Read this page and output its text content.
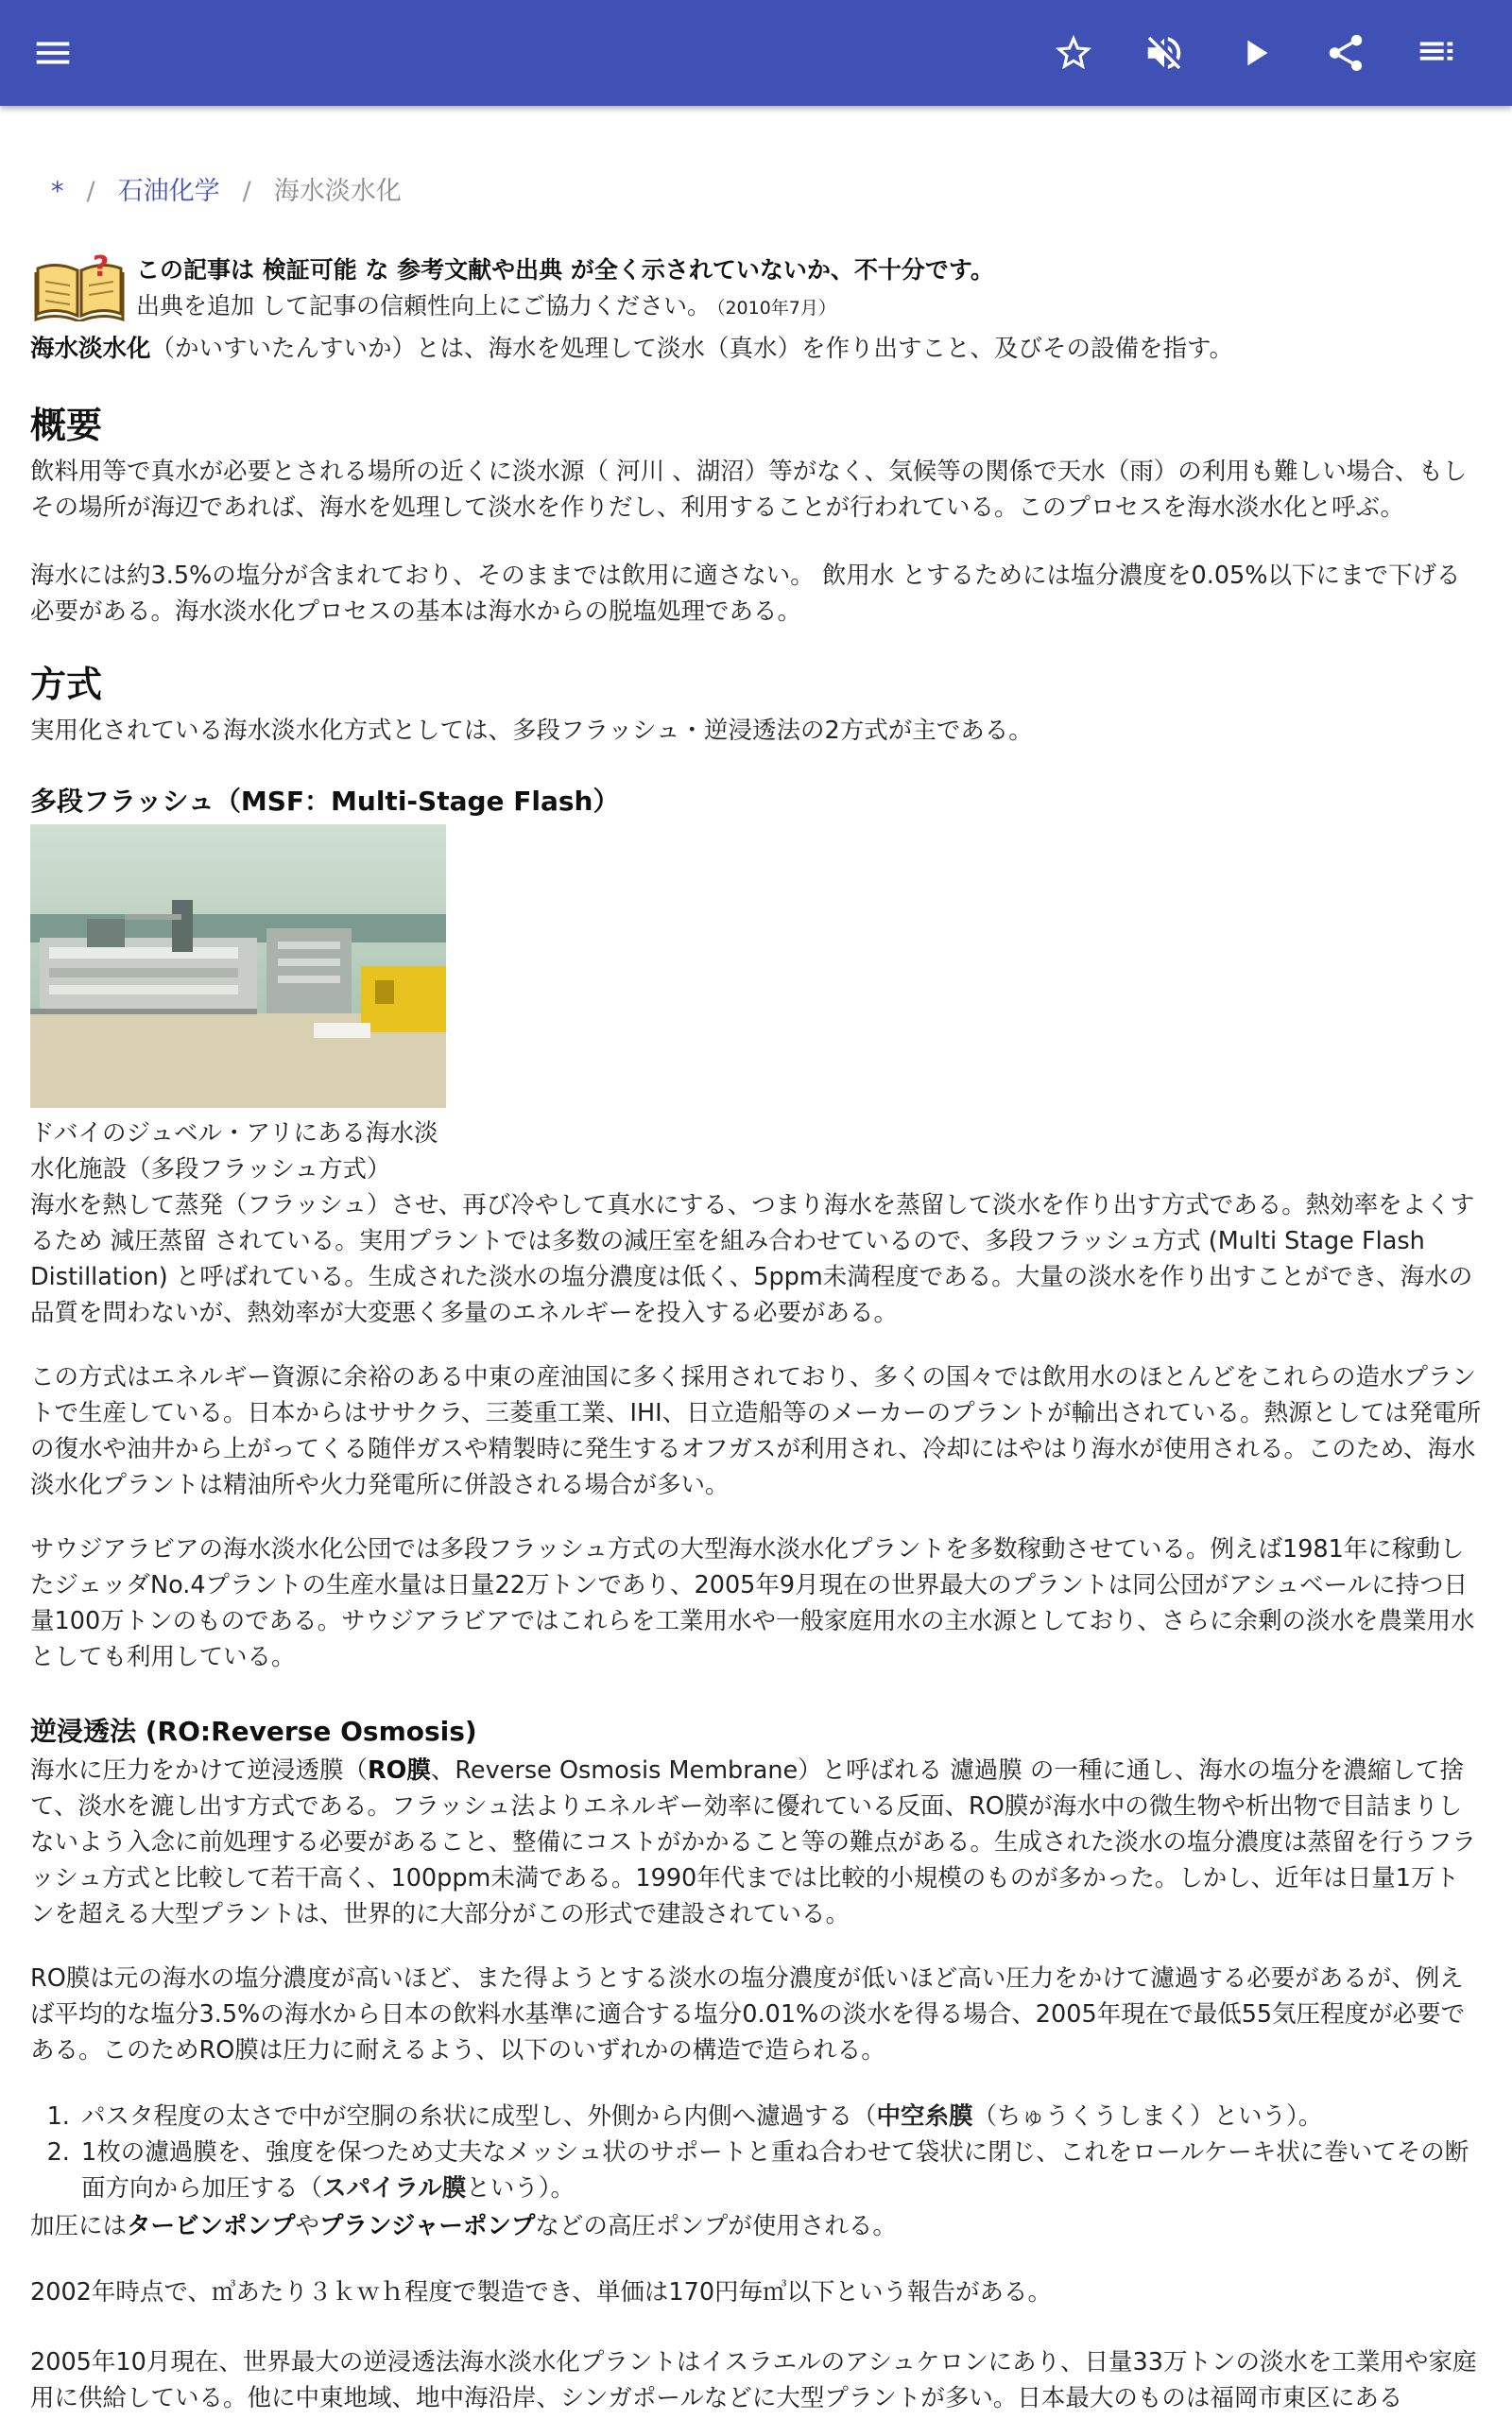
* / 石油化学 / 海水淡水化
? この記事は 検証可能 な 参考文献や出典 が全く示されていないか、不十分です。
出典を追加 して記事の信頼性向上にご協力ください。 （2010年7月）
海水淡水化（かいすいたんすいか）とは、海水を処理して淡水（真水）を作り出すこと、及びその設備を指す。
概要
飲料用等で真水が必要とされる場所の近くに淡水源（ 河川 、湖沼）等がなく、気候等の関係で天水（雨）の利用も難しい場合、もしその場所が海辺であれば、海水を処理して淡水を作りだし、利用することが行われている。このプロセスを海水淡水化と呼ぶ。
海水には約3.5%の塩分が含まれており、そのままでは飲用に適さない。 飲用水 とするためには塩分濃度を0.05%以下にまで下げる必要がある。海水淡水化プロセスの基本は海水からの脱塩処理である。
方式
実用化されている海水淡水化方式としては、多段フラッシュ・逆浸透法の2方式が主である。
多段フラッシュ（MSF：Multi-Stage Flash）
ドバイのジュベル・アリにある海水淡水化施設（多段フラッシュ方式）
海水を熱して蒸発（フラッシュ）させ、再び冷やして真水にする、つまり海水を蒸留して淡水を作り出す方式である。熱効率をよくするため 減圧蒸留 されている。実用プラントでは多数の減圧室を組み合わせているので、多段フラッシュ方式 (Multi Stage Flash Distillation) と呼ばれている。生成された淡水の塩分濃度は低く、5ppm未満程度である。大量の淡水を作り出すことができ、海水の品質を問わないが、熱効率が大変悪く多量のエネルギーを投入する必要がある。
この方式はエネルギー資源に余裕のある中東の産油国に多く採用されており、多くの国々では飲用水のほとんどをこれらの造水プラントで生産している。日本からはササクラ、三菱重工業、IHI、日立造船等のメーカーのプラントが輸出されている。熱源としては発電所の復水や油井から上がってくる随伴ガスや精製時に発生するオフガスが利用され、冷却にはやはり海水が使用される。このため、海水淡水化プラントは精油所や火力発電所に併設される場合が多い。
サウジアラビアの海水淡水化公団では多段フラッシュ方式の大型海水淡水化プラントを多数稼動させている。例えば1981年に稼動したジェッダNo.4プラントの生産水量は日量22万トンであり、2005年9月現在の世界最大のプラントは同公団がアシュベールに持つ日量100万トンのものである。サウジアラビアではこれらを工業用水や一般家庭用水の主水源としており、さらに余剰の淡水を農業用水としても利用している。
逆浸透法 (RO:Reverse Osmosis)
海水に圧力をかけて逆浸透膜（RO膜、Reverse Osmosis Membrane）と呼ばれる 濾過膜 の一種に通し、海水の塩分を濃縮して捨て、淡水を漉し出す方式である。フラッシュ法よりエネルギー効率に優れている反面、RO膜が海水中の微生物や析出物で目詰まりしないよう入念に前処理する必要があること、整備にコストがかかること等の難点がある。生成された淡水の塩分濃度は蒸留を行うフラッシュ方式と比較して若干高く、100ppm未満である。1990年代までは比較的小規模のものが多かった。しかし、近年は日量1万トンを超える大型プラントは、世界的に大部分がこの形式で建設されている。
RO膜は元の海水の塩分濃度が高いほど、また得ようとする淡水の塩分濃度が低いほど高い圧力をかけて濾過する必要があるが、例えば平均的な塩分3.5%の海水から日本の飲料水基準に適合する塩分0.01%の淡水を得る場合、2005年現在で最低55気圧程度が必要である。このためRO膜は圧力に耐えるよう、以下のいずれかの構造で造られる。
1. パスタ程度の太さで中が空胴の糸状に成型し、外側から内側へ濾過する（中空糸膜（ちゅうくうしまく）という）。
2. 1枚の濾過膜を、強度を保つため丈夫なメッシュ状のサポートと重ね合わせて袋状に閉じ、これをロールケーキ状に巻いてその断面方向から加圧する（スパイラル膜という）。
加圧にはタービンポンプやプランジャーポンプなどの高圧ポンプが使用される。
2002年時点で、㎥あたり３ｋｗｈ程度で製造でき、単価は170円毎㎥以下という報告がある。
2005年10月現在、世界最大の逆浸透法海水淡水化プラントはイスラエルのアシュケロンにあり、日量33万トンの淡水を工業用や家庭用に供給している。他に中東地域、地中海沿岸、シンガポールなどに大型プラントが多い。日本最大のものは福岡市東区にある
